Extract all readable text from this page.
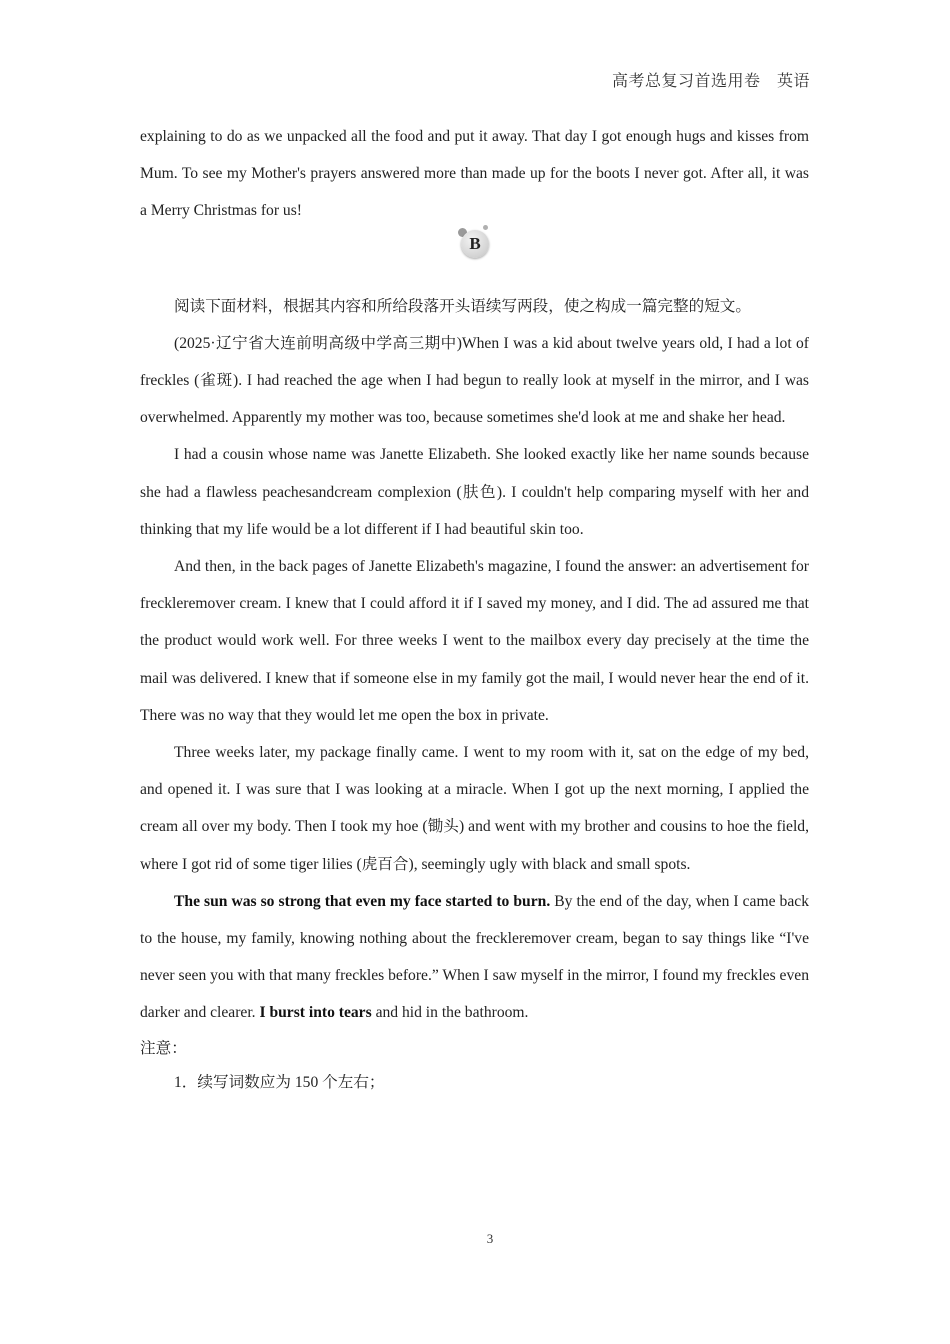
高考总复习首选用卷　英语

explaining to do as we unpacked all the food and put it away. That day I got enough hugs and kisses from Mum. To see my Mother's prayers answered more than made up for the boots I never got. After all, it was a Merry Christmas for us!

B

阅读下面材料，根据其内容和所给段落开头语续写两段，使之构成一篇完整的短文。

(2025·辽宁省大连前明高级中学高三期中)When I was a kid about twelve years old, I had a lot of freckles (雀斑). I had reached the age when I had begun to really look at myself in the mirror, and I was overwhelmed. Apparently my mother was too, because sometimes she'd look at me and shake her head.

I had a cousin whose name was Janette Elizabeth. She looked exactly like her name sounds because she had a flawless peachesandcream complexion (肤色). I couldn't help comparing myself with her and thinking that my life would be a lot different if I had beautiful skin too.

And then, in the back pages of Janette Elizabeth's magazine, I found the answer: an advertisement for freckleremover cream. I knew that I could afford it if I saved my money, and I did. The ad assured me that the product would work well. For three weeks I went to the mailbox every day precisely at the time the mail was delivered. I knew that if someone else in my family got the mail, I would never hear the end of it. There was no way that they would let me open the box in private.

Three weeks later, my package finally came. I went to my room with it, sat on the edge of my bed, and opened it. I was sure that I was looking at a miracle. When I got up the next morning, I applied the cream all over my body. Then I took my hoe (锄头) and went with my brother and cousins to hoe the field, where I got rid of some tiger lilies (虎百合), seemingly ugly with black and small spots.

The sun was so strong that even my face started to burn. By the end of the day, when I came back to the house, my family, knowing nothing about the freckleremover cream, began to say things like “I've never seen you with that many freckles before.” When I saw myself in the mirror, I found my freckles even darker and clearer. I burst into tears and hid in the bathroom.

注意：

1．续写词数应为 150 个左右；

3
